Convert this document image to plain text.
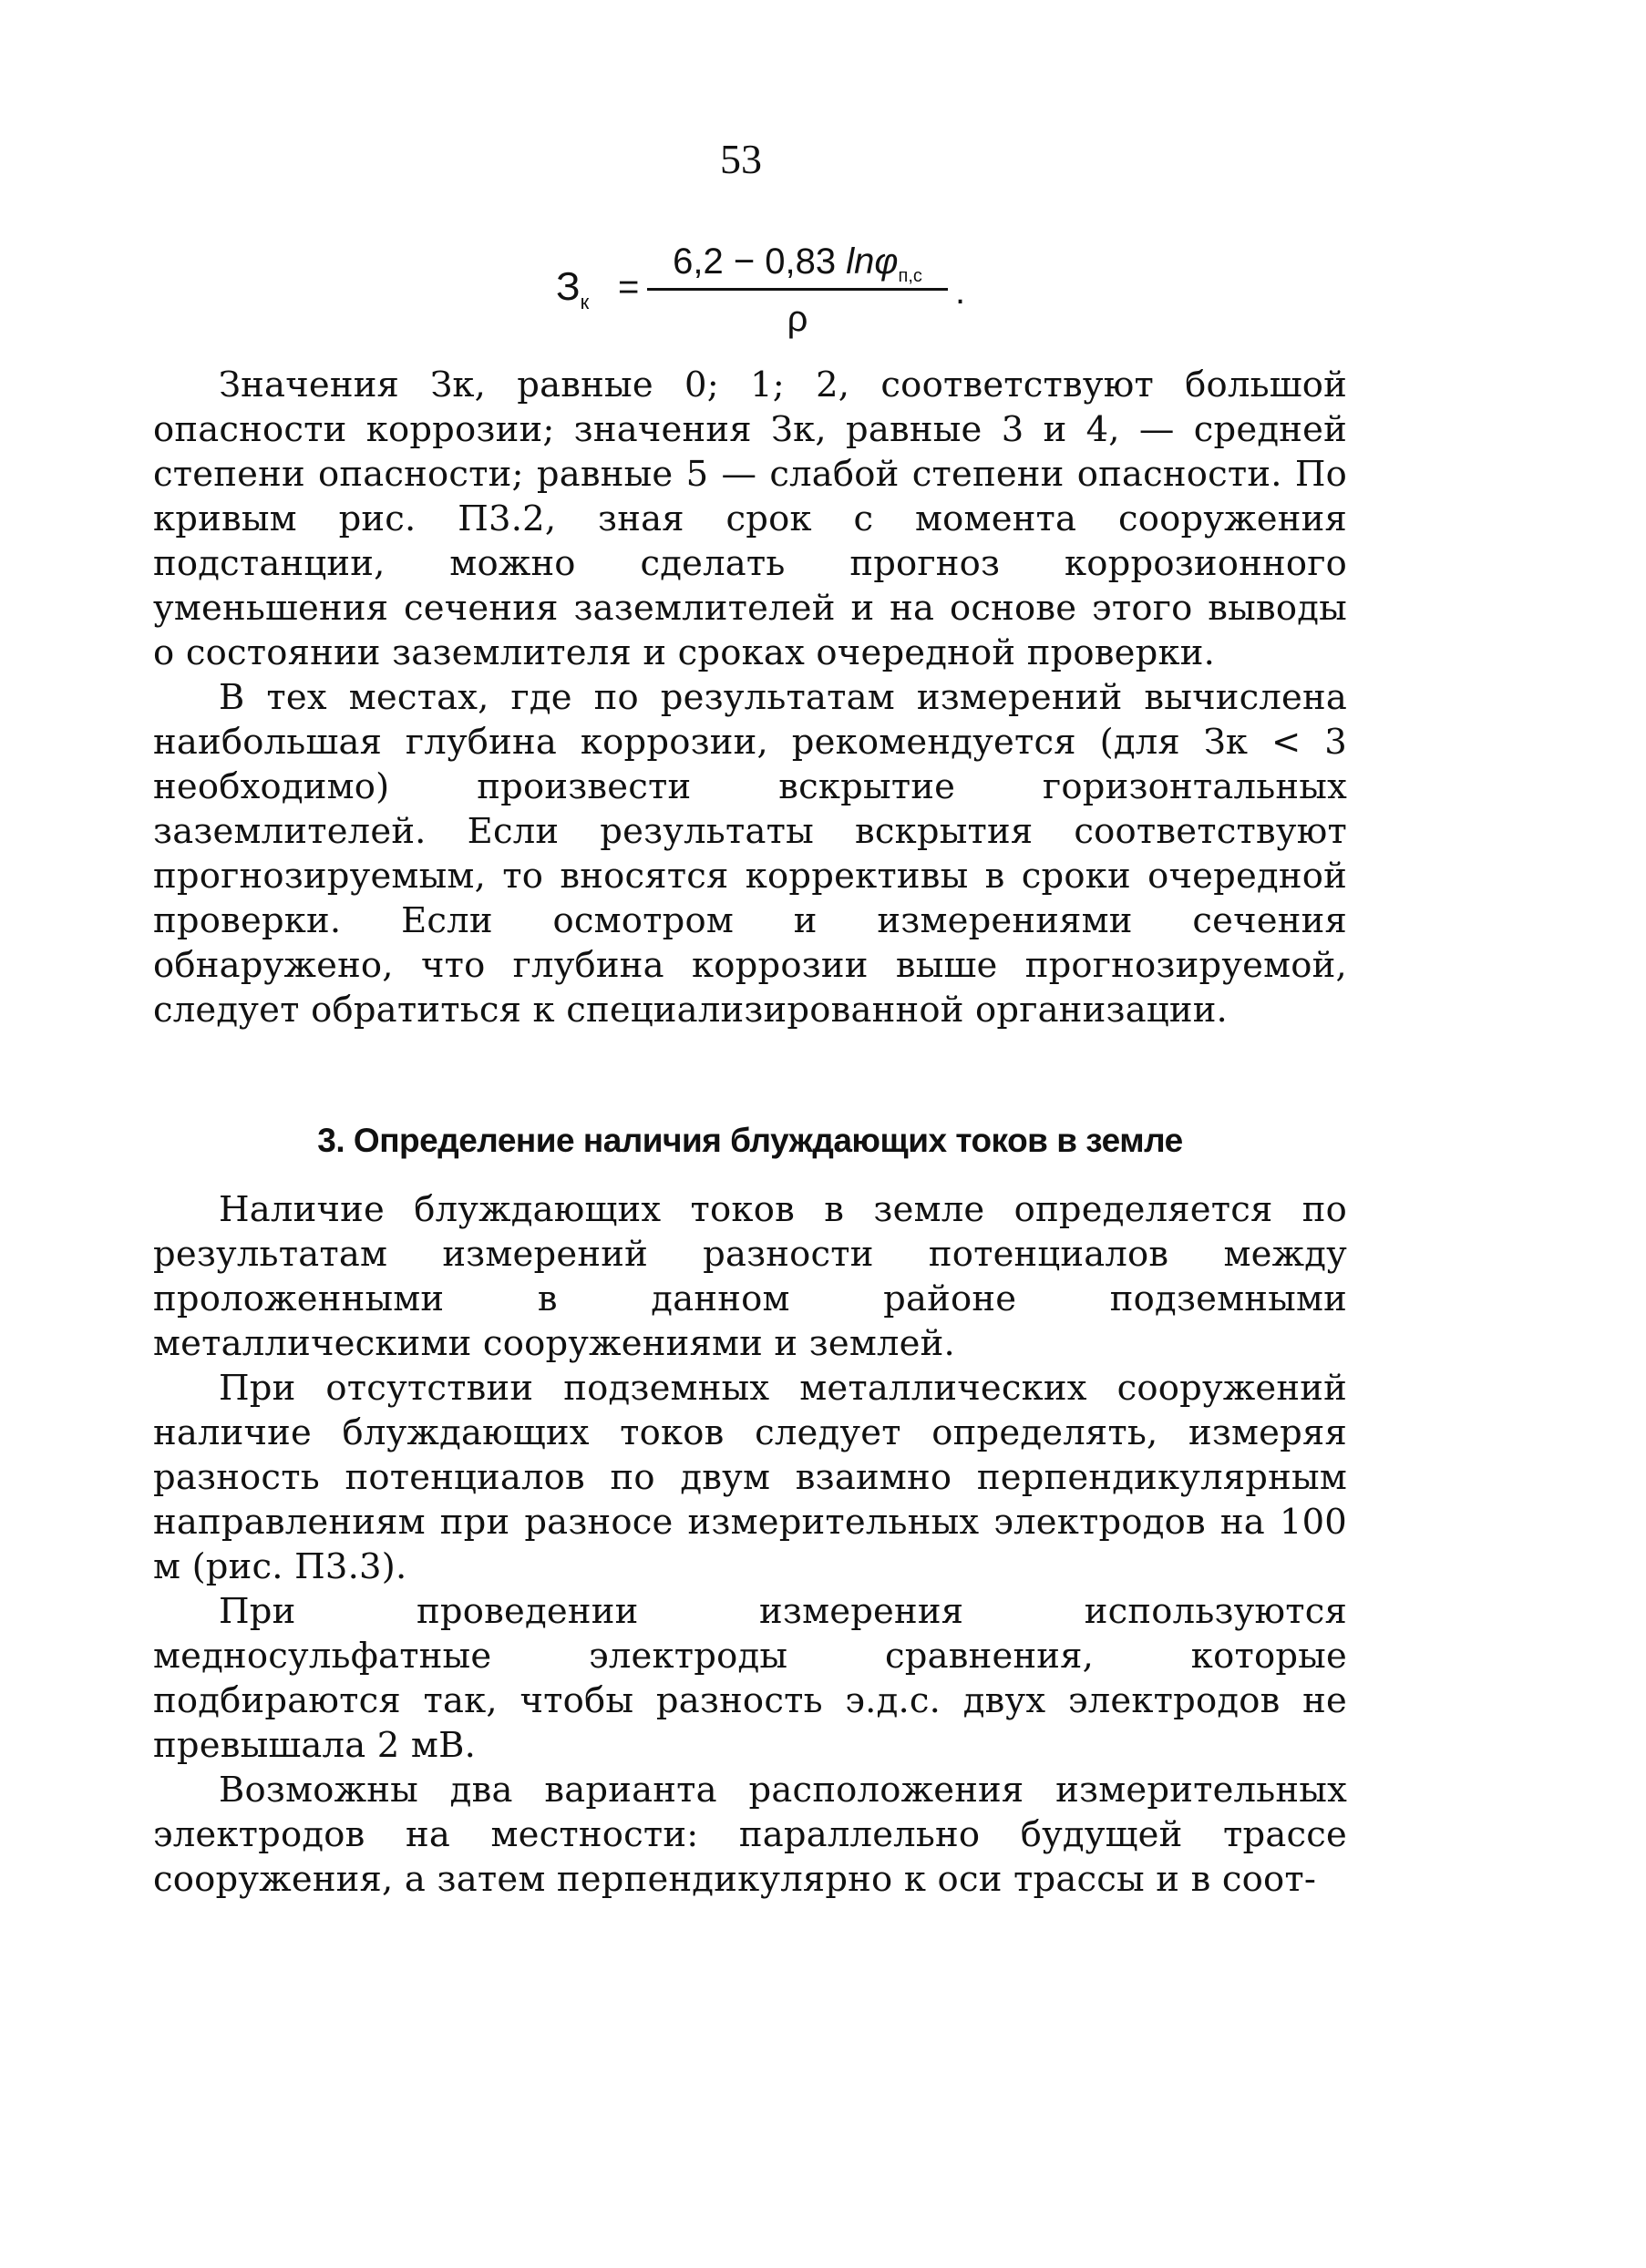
53
$З_к$ =
6,2 − 0,83 lnφ$_{п,с}$
ρ
.

Значения Зк, равные 0; 1; 2, соответствуют большой опасности коррозии; значения Зк, равные 3 и 4, — средней степени опасности; равные 5 — слабой степени опасности. По кривым рис. П3.2, зная срок с момента сооружения подстанции, можно сделать прогноз коррозионного уменьшения сечения заземлителей и на основе этого выводы о состоянии заземлителя и сроках очередной проверки.

В тех местах, где по результатам измерений вычислена наибольшая глубина коррозии, рекомендуется (для Зк < 3 необходимо) произвести вскрытие горизонтальных заземлителей. Если результаты вскрытия соответствуют прогнозируемым, то вносятся коррективы в сроки очередной проверки. Если осмотром и измерениями сечения обнаружено, что глубина коррозии выше прогнозируемой, следует обратиться к специализированной организации.

3. Определение наличия блуждающих токов в земле

Наличие блуждающих токов в земле определяется по результатам измерений разности потенциалов между проложенными в данном районе подземными металлическими сооружениями и землей.

При отсутствии подземных металлических сооружений наличие блуждающих токов следует определять, измеряя разность потенциалов по двум взаимно перпендикулярным направлениям при разносе измерительных электродов на 100 м (рис. П3.3).

При проведении измерения используются медносульфатные электроды сравнения, которые подбираются так, чтобы разность э.д.с. двух электродов не превышала 2 мВ.

Возможны два варианта расположения измерительных электродов на местности: параллельно будущей трассе сооружения, а затем перпендикулярно к оси трассы и в соот-
